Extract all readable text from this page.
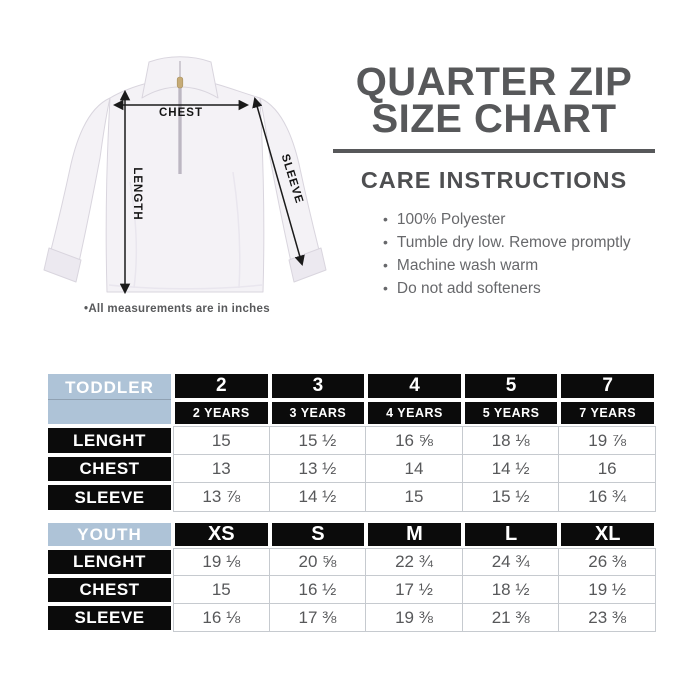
CHEST
LENGTH	SLEEVE
•All measurements are in inches
QUARTER ZIP
SIZE CHART
CARE INSTRUCTIONS
• 100% Polyester
• Tumble dry low. Remove promptly
• Machine wash warm
• Do not add softeners
TODDLER	2	3	4	5	7
2 YEARS	3 YEARS	4 YEARS	5 YEARS	7 YEARS
LENGHT	15	15 ½	16 ⅝	18 ⅛	19 ⅞
CHEST	13	13 ½	14	14 ½	16
SLEEVE	13 ⅞	14 ½	15	15 ½	16 ¾
YOUTH	XS	S	M	L	XL
LENGHT	19 ⅛	20 ⅝	22 ¾	24 ¾	26 ⅜
CHEST	15	16 ½	17 ½	18 ½	19 ½
SLEEVE	16 ⅛	17 ⅜	19 ⅜	21 ⅜	23 ⅜
